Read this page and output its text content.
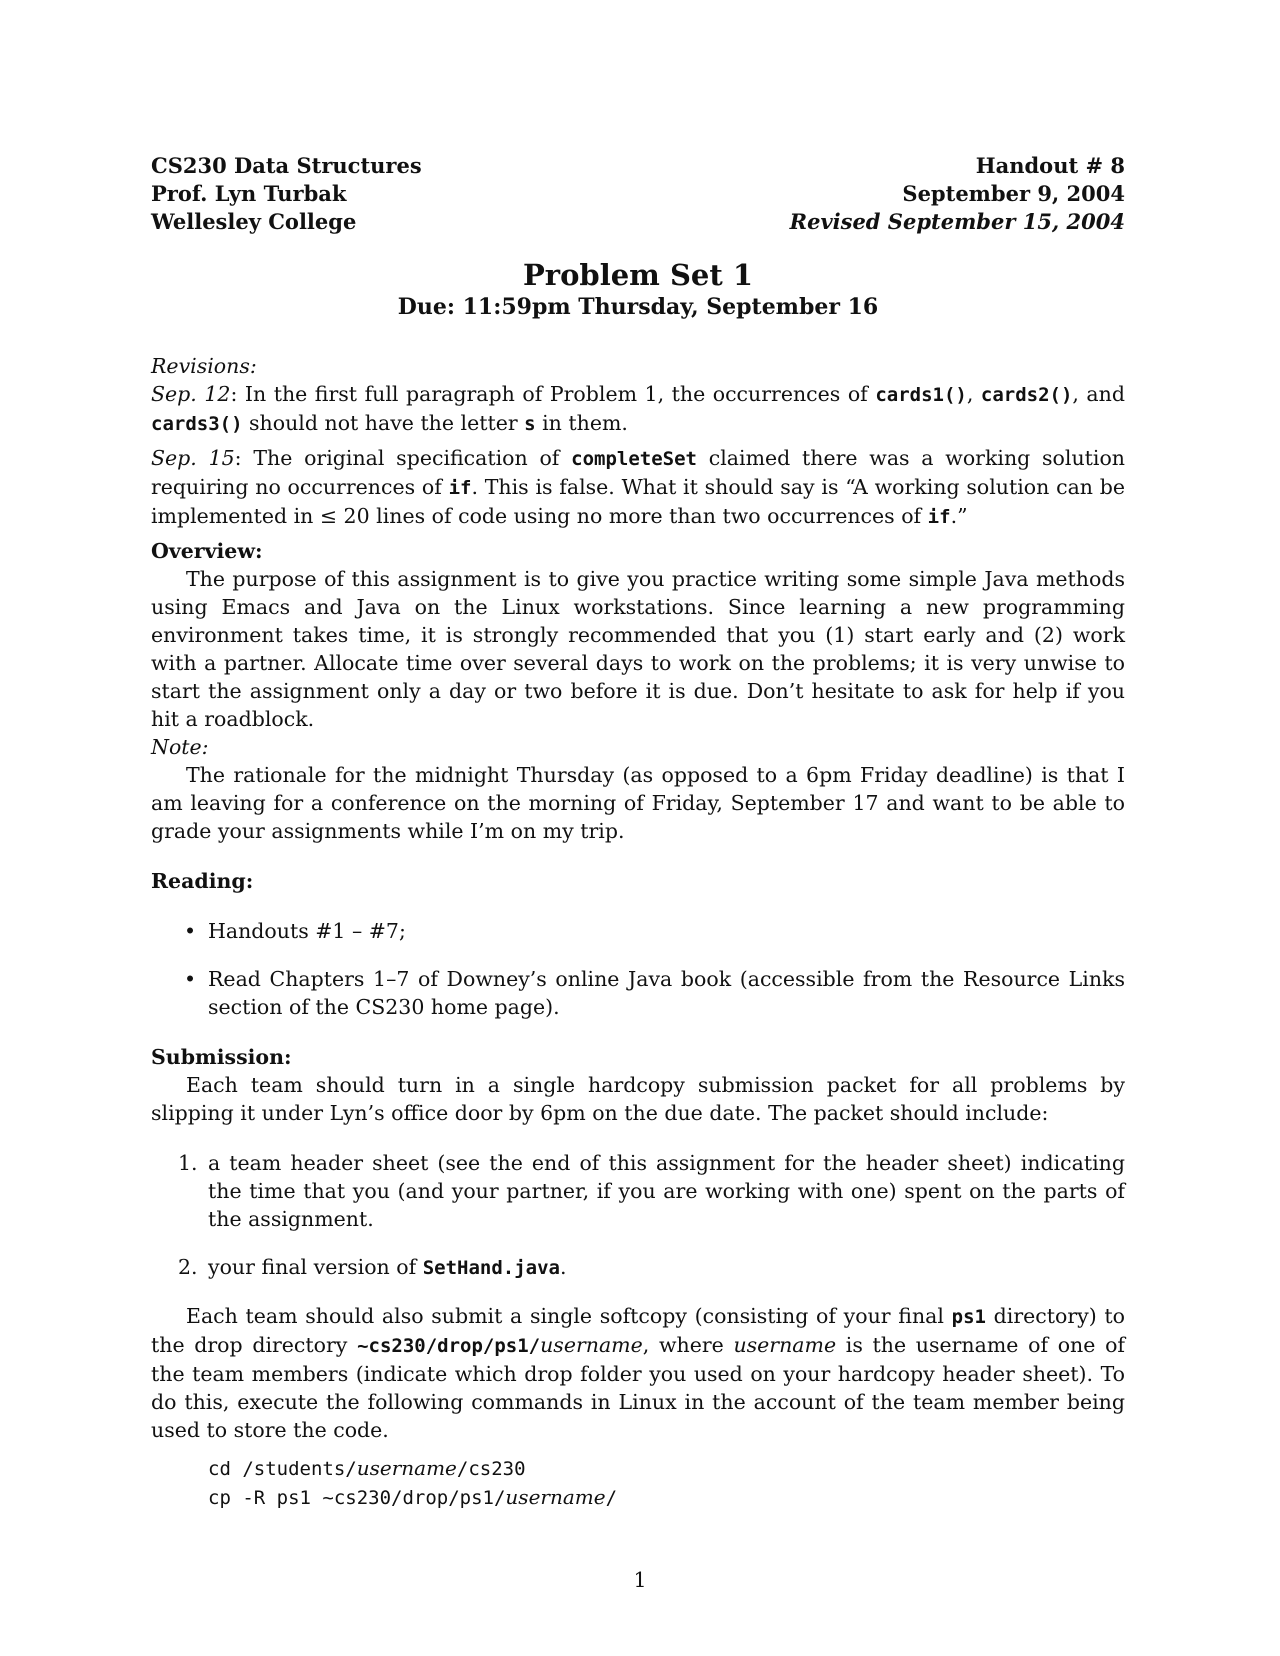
CS230 Data Structures
Prof. Lyn Turbak
Wellesley College
Handout # 8
September 9, 2004
Revised September 15, 2004
Problem Set 1
Due: 11:59pm Thursday, September 16
Revisions:

Sep. 12: In the first full paragraph of Problem 1, the occurrences of cards1(), cards2(), and cards3() should not have the letter s in them.

Sep. 15: The original specification of completeSet claimed there was a working solution requiring no occurrences of if. This is false. What it should say is “A working solution can be implemented in ≤ 20 lines of code using no more than two occurrences of if.”

Overview:

The purpose of this assignment is to give you practice writing some simple Java methods using Emacs and Java on the Linux workstations. Since learning a new programming environment takes time, it is strongly recommended that you (1) start early and (2) work with a partner. Allocate time over several days to work on the problems; it is very unwise to start the assignment only a day or two before it is due. Don’t hesitate to ask for help if you hit a roadblock.

Note:

The rationale for the midnight Thursday (as opposed to a 6pm Friday deadline) is that I am leaving for a conference on the morning of Friday, September 17 and want to be able to grade your assignments while I’m on my trip.

Reading:
• Handouts #1 – #7;
• Read Chapters 1–7 of Downey’s online Java book (accessible from the Resource Links section of the CS230 home page).
Submission:

Each team should turn in a single hardcopy submission packet for all problems by slipping it under Lyn’s office door by 6pm on the due date. The packet should include:

1. a team header sheet (see the end of this assignment for the header sheet) indicating the time that you (and your partner, if you are working with one) spent on the parts of the assignment.
2. your final version of SetHand.java.

Each team should also submit a single softcopy (consisting of your final ps1 directory) to the drop directory ~cs230/drop/ps1/username, where username is the username of one of the team members (indicate which drop folder you used on your hardcopy header sheet). To do this, execute the following commands in Linux in the account of the team member being used to store the code.

cd /students/username/cs230
cp -R ps1 ~cs230/drop/ps1/username/
1
